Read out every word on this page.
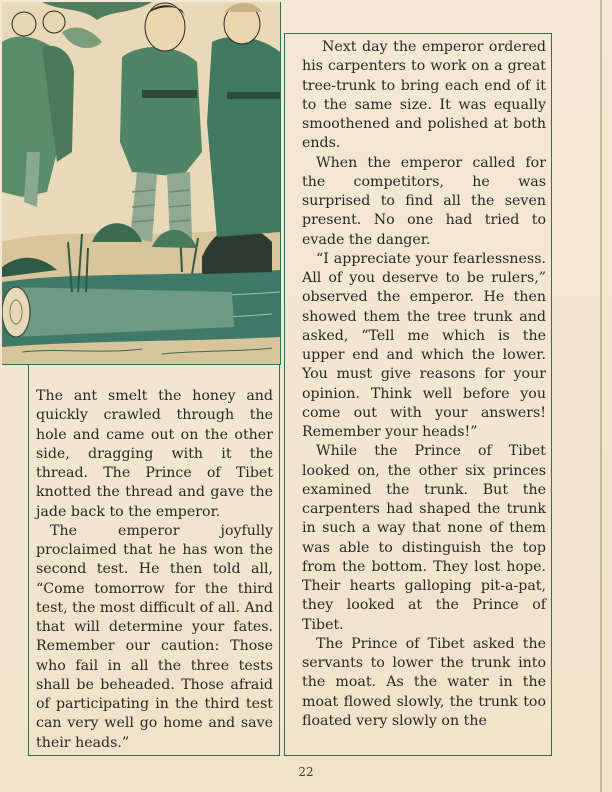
The ant smelt the honey and quickly crawled through the hole and came out on the other side, dragging with it the thread. The Prince of Tibet knotted the thread and gave the jade back to the emperor.

The emperor joyfully proclaimed that he has won the second test. He then told all, “Come tomorrow for the third test, the most difficult of all. And that will determine your fates. Remember our caution: Those who fail in all the three tests shall be beheaded. Those afraid of participating in the third test can very well go home and save their heads.”

Next day the emperor ordered his carpenters to work on a great tree-trunk to bring each end of it to the same size. It was equally smoothened and polished at both ends.

When the emperor called for the competitors, he was surprised to find all the seven present. No one had tried to evade the danger.

“I appreciate your fearlessness. All of you deserve to be rulers,” observed the emperor. He then showed them the tree trunk and asked, “Tell me which is the upper end and which the lower. You must give reasons for your opinion. Think well before you come out with your answers! Remember your heads!”

While the Prince of Tibet looked on, the other six princes examined the trunk. But the carpenters had shaped the trunk in such a way that none of them was able to distinguish the top from the bottom. They lost hope. Their hearts galloping pit-a-pat, they looked at the Prince of Tibet.

The Prince of Tibet asked the servants to lower the trunk into the moat. As the water in the moat flowed slowly, the trunk too floated very slowly on the

22
